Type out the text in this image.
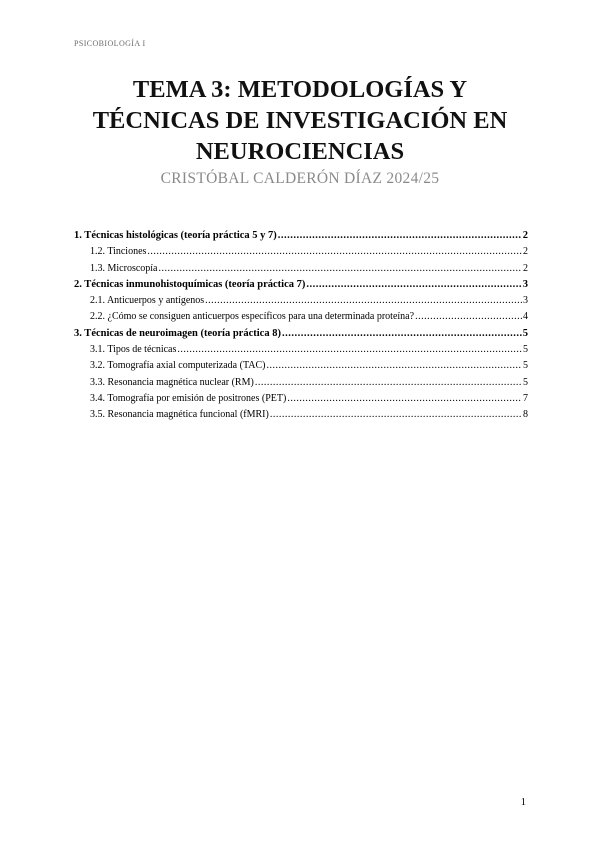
PSICOBIOLOGÍA I
TEMA 3: METODOLOGÍAS Y
TÉCNICAS DE INVESTIGACIÓN EN
NEUROCIENCIAS
CRISTÓBAL CALDERÓN DÍAZ 2024/25
1. Técnicas histológicas (teoría práctica 5 y 7) .....	2
1.2. Tinciones .....	2
1.3. Microscopía .....	2
2. Técnicas inmunohistoquímicas (teoría práctica 7) .....	3
2.1. Anticuerpos y antígenos .....	3
2.2. ¿Cómo se consiguen anticuerpos específicos para una determinada proteína? .....	4
3. Técnicas de neuroimagen (teoría práctica 8) .....	5
3.1. Tipos de técnicas .....	5
3.2. Tomografía axial computerizada (TAC) .....	5
3.3. Resonancia magnética nuclear (RM) .....	5
3.4. Tomografía por emisión de positrones (PET) .....	7
3.5. Resonancia magnética funcional (fMRI) .....	8
1
